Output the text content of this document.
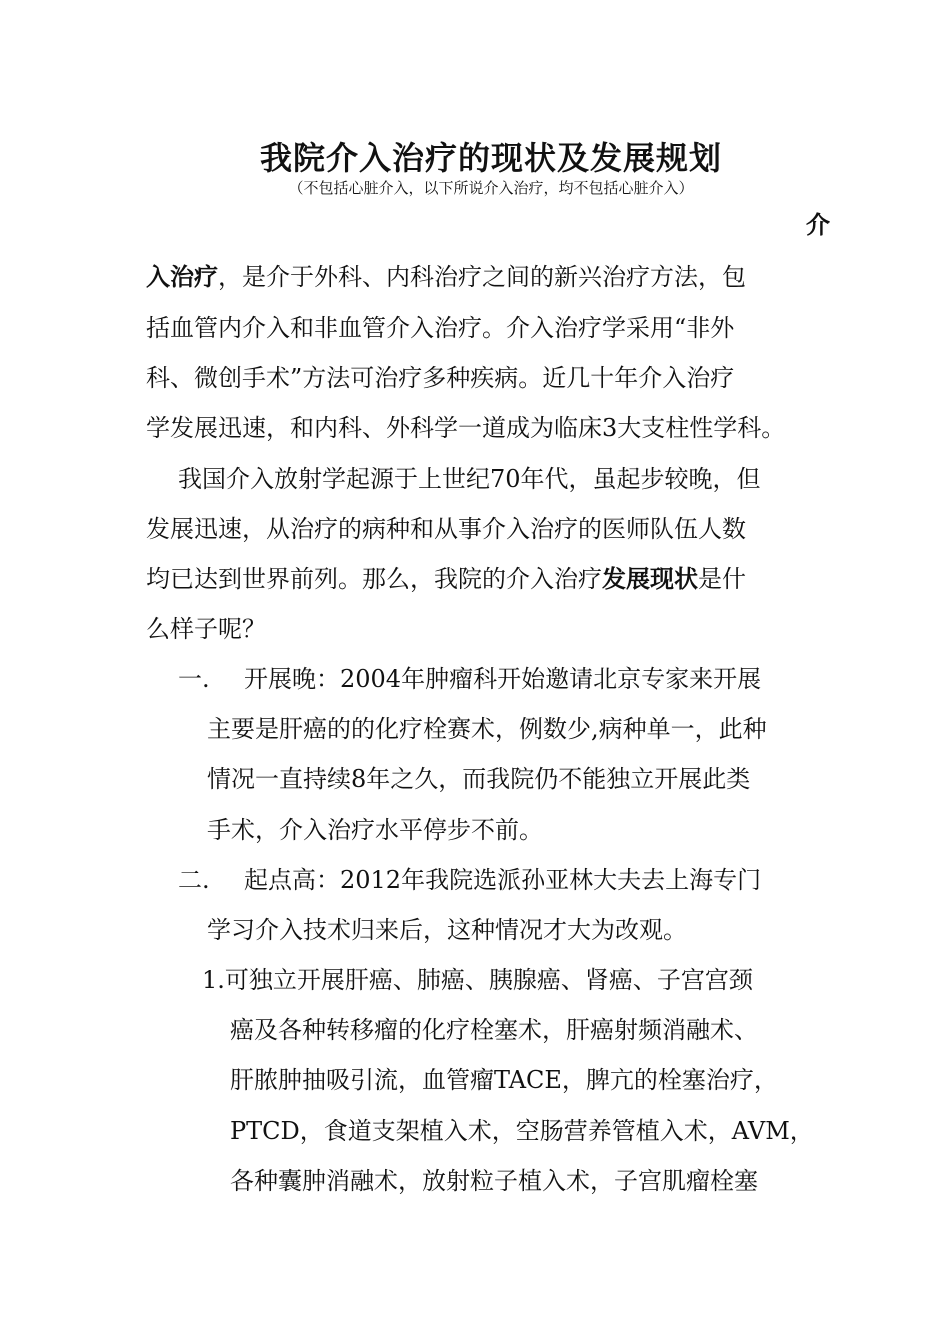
我院介入治疗的现状及发展规划
（不包括心脏介入，以下所说介入治疗，均不包括心脏介入）
介
入治疗，是介于外科、内科治疗之间的新兴治疗方法，包
括血管内介入和非血管介入治疗。介入治疗学采用“非外
科、微创手术”方法可治疗多种疾病。近几十年介入治疗
学发展迅速，和内科、外科学一道成为临床3大支柱性学科。
我国介入放射学起源于上世纪70年代，虽起步较晚，但
发展迅速，从治疗的病种和从事介入治疗的医师队伍人数
均已达到世界前列。那么，我院的介入治疗发展现状是什
么样子呢？
一. 开展晚：2004年肿瘤科开始邀请北京专家来开展
主要是肝癌的的化疗栓赛术，例数少,病种单一，此种
情况一直持续8年之久，而我院仍不能独立开展此类
手术，介入治疗水平停步不前。
二. 起点高：2012年我院选派孙亚林大夫去上海专门
学习介入技术归来后，这种情况才大为改观。
1.可独立开展肝癌、肺癌、胰腺癌、肾癌、子宫宫颈
癌及各种转移瘤的化疗栓塞术，肝癌射频消融术、
肝脓肿抽吸引流，血管瘤TACE，脾亢的栓塞治疗，
PTCD，食道支架植入术，空肠营养管植入术，AVM，
各种囊肿消融术，放射粒子植入术，子宫肌瘤栓塞
